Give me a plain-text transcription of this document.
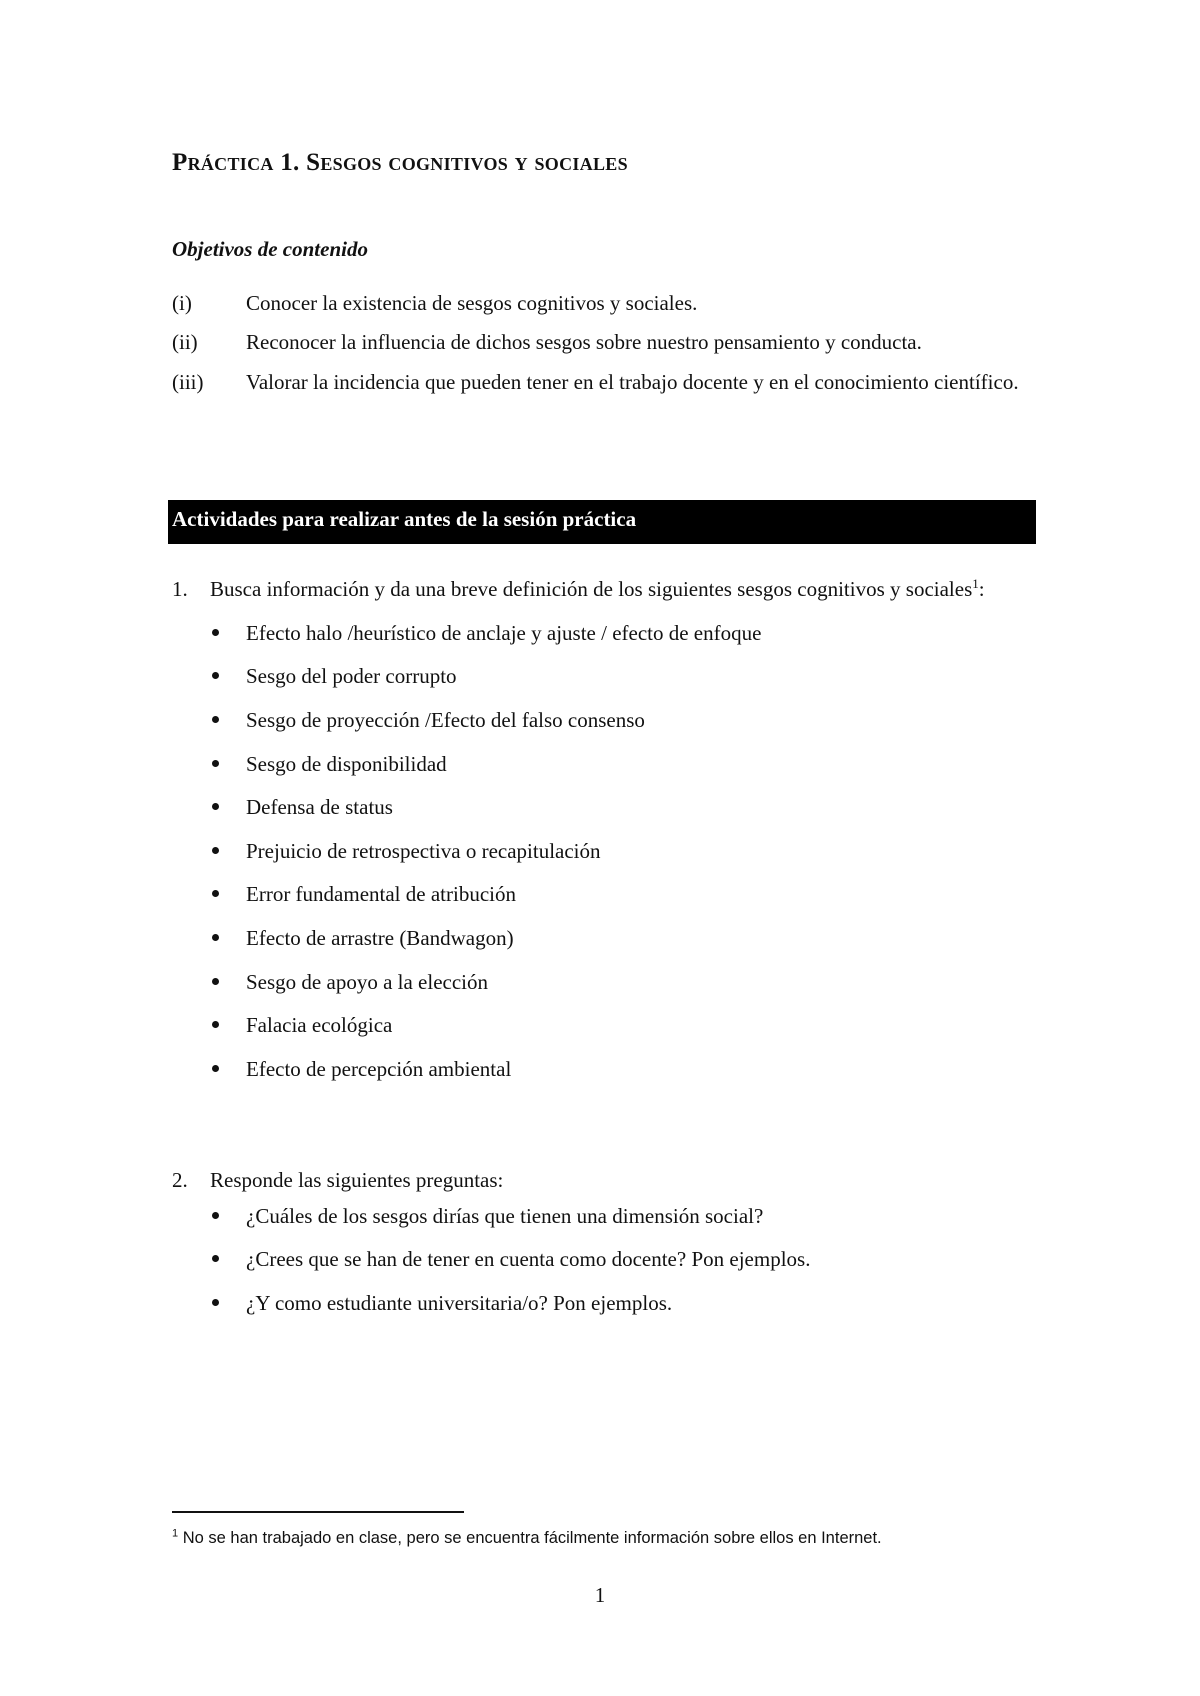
Práctica 1. Sesgos cognitivos y sociales
Objetivos de contenido
(i)	Conocer la existencia de sesgos cognitivos y sociales.
(ii) Reconocer la influencia de dichos sesgos sobre nuestro pensamiento y conducta.
(iii) Valorar la incidencia que pueden tener en el trabajo docente y en el conocimiento científico.
Actividades para realizar antes de la sesión práctica
1. Busca información y da una breve definición de los siguientes sesgos cognitivos y sociales$^1$:
Efecto halo /heurístico de anclaje y ajuste / efecto de enfoque
Sesgo del poder corrupto
Sesgo de proyección /Efecto del falso consenso
Sesgo de disponibilidad
Defensa de status
Prejuicio de retrospectiva o recapitulación
Error fundamental de atribución
Efecto de arrastre (Bandwagon)
Sesgo de apoyo a la elección
Falacia ecológica
Efecto de percepción ambiental
2. Responde las siguientes preguntas:
¿Cuáles de los sesgos dirías que tienen una dimensión social?
¿Crees que se han de tener en cuenta como docente? Pon ejemplos.
¿Y como estudiante universitaria/o? Pon ejemplos.
$^1$ No se han trabajado en clase, pero se encuentra fácilmente información sobre ellos en Internet.
1
